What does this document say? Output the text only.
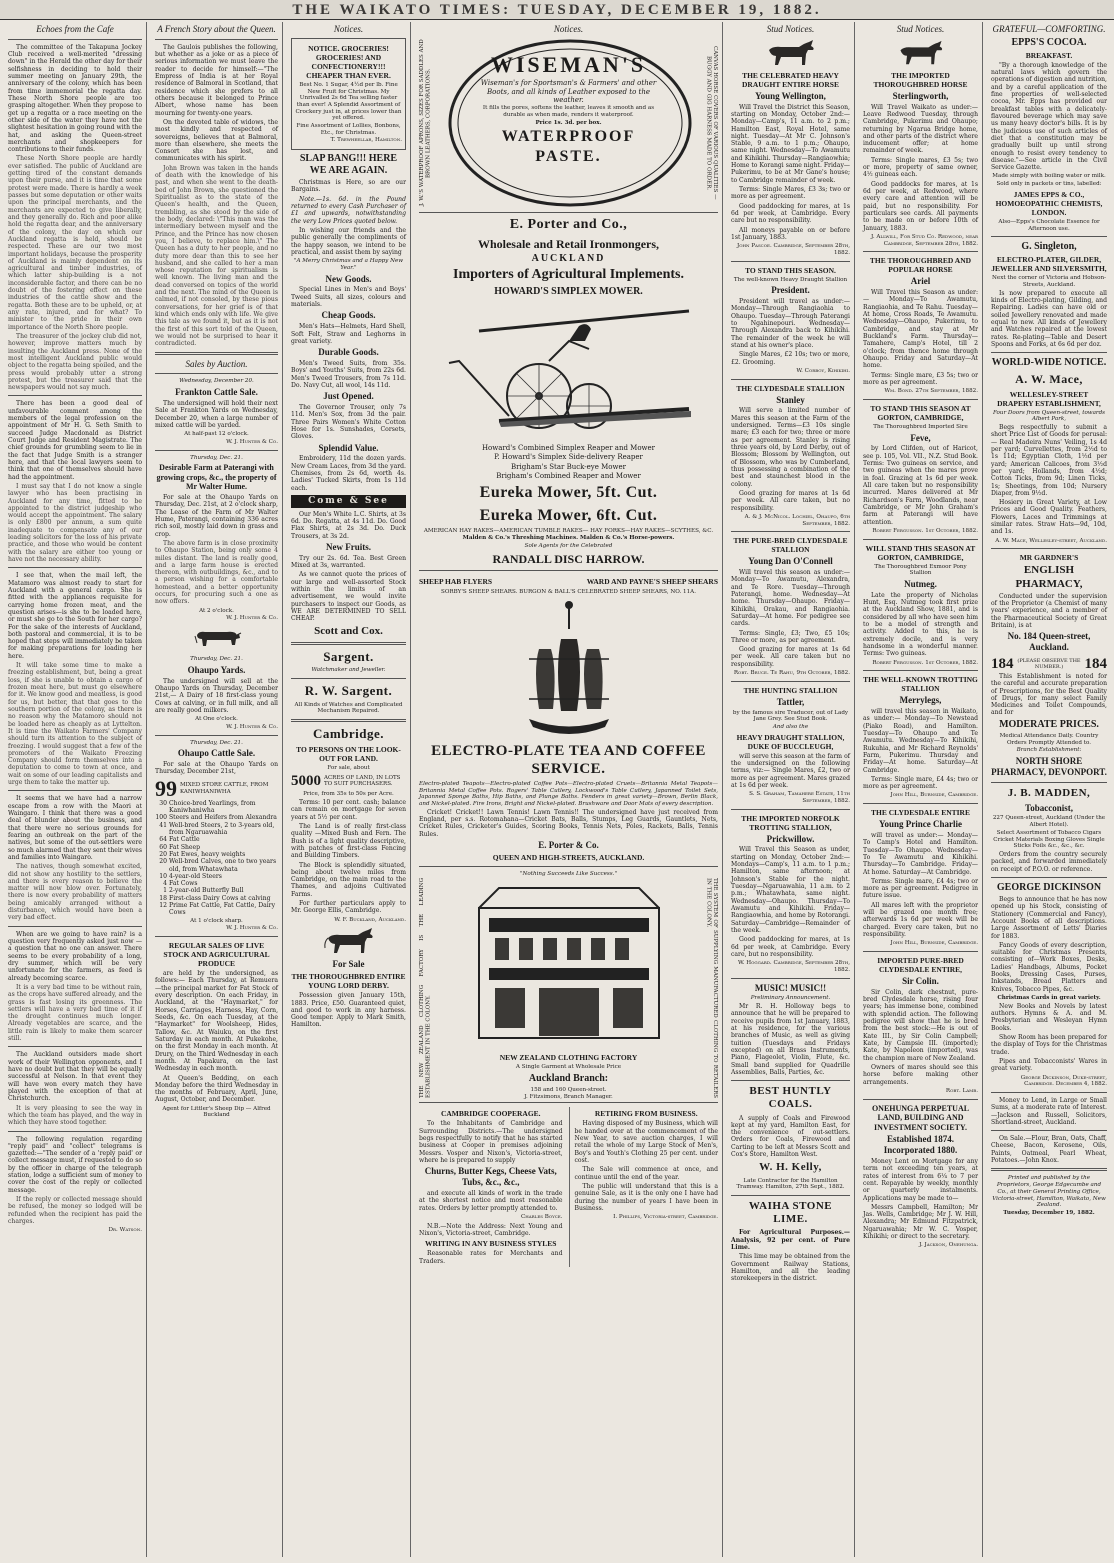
THE WAIKATO TIMES: TUESDAY, DECEMBER 19, 1882.
Echoes from the Cafe

The committee of the Takapuna Jockey Club received a well-merited "dressing down" in the Herald the other day for their selfishness in deciding to hold their summer meeting on January 29th, the anniversary of the colony, which has been from time immemorial the regatta day. These North Shore people are too grasping altogether. When they propose to get up a regatta or a race meeting on the other side of the water they have not the slightest hesitation in going round with the hat, and asking the Queen-street merchants and shopkeepers for contributions to their funds.

These North Shore people are hardly ever satisfied. The public of Auckland are getting tired of the constant demands upon their purse, and it is time that some protest were made. There is hardly a week passes but some deputation or other waits upon the principal merchants, and the merchants are expected to give liberally, and they generally do. Rich and poor alike hold the regatta dear, and the anniversary of the colony, the day on which our Auckland regatta is held, should be respected. These are our two most important holidays, because the prosperity of Auckland is mainly dependent on its agricultural and timber industries, of which latter ship-building is a not inconsiderable factor, and there can be no doubt of the fostering effect on these industries of the cattle show and the regatta. Both these are to be upheld, or, at any rate, injured, and for what? To minister to the pride in their own importance of the North Shore people.

The treasurer of the jockey club did not, however, improve matters much by insulting the Auckland press. None of the most intelligent Auckland public would object to the regatta being spoiled, and the press would probably utter a strong protest, but the treasurer said that the newspapers would not say much.

There has been a good deal of unfavourable comment among the members of the legal profession on the appointment of Mr H. G. Seth Smith to succeed Judge Macdonald as District Court Judge and Resident Magistrate. The chief grounds for grumbling seem to lie in the fact that Judge Smith is a stranger here, and that the local lawyers seem to think that one of themselves should have had the appointment.

I must say that I do not know a single lawyer who has been practising in Auckland for any time, fitted to be appointed to the district judgeship who would accept the appointment. The salary is only £800 per annum, a sum quite inadequate to compensate any of our leading solicitors for the loss of his private practice, and those who would be content with the salary are either too young or have not the necessary ability.

I see that, when the mail left, the Matamoro was almost ready to start for Auckland with a general cargo. She is fitted with the appliances requisite for carrying home frozen meat, and the question arises—is she to be loaded here, or must she go to the South for her cargo? For the sake of the interests of Auckland, both pastoral and commercial, it is to be hoped that steps will immediately be taken for making preparations for loading her here.

It will take some time to make a freezing establishment, but, being a great loss, if she is unable to obtain a cargo of frozen meat here, but must go elsewhere for it. We know good and meatless, is good for us, but better, that that goes to the southern portion of the colony, as there is no reason why the Matamoro should not be loaded here as cheaply as at Lyttelton. It is time the Waikato Farmers' Company should turn its attention to the subject of freezing. I would suggest that a few of the promoters of the Waikato Freezing Company should form themselves into a deputation to come to town at once, and wait on some of our leading capitalists and urge them to take the matter up.

It seems that we have had a narrow escape from a row with the Maori at Waingaro. I think that there was a good deal of blunder about the business, and that there were no serious grounds for fearing an outbreak on the part of the natives, but some of the out-settlers were so much alarmed that they sent their wives and families into Waingaro.

The natives, though somewhat excited, did not show any hostility to the settlers, and there is every reason to believe the matter will now blow over. Fortunately, there is now every probability of matters being amicably arranged without a disturbance, which would have been a very bad effect.

When are we going to have rain? is a question very frequently asked just now —a question that no one can answer. There seems to be every probability of a long, dry summer, which will be very unfortunate for the farmers, as feed is already becoming scarce.

It is a very bad time to be without rain, as the crops have suffered already, and the grass is fast losing its greenness. The settlers will have a very bad time of it if the drought continues much longer. Already vegetables are scarce, and the little rain is likely to make them scarcer still.

The Auckland outsiders made short work of their Wellington opponents, and I have no doubt but that they will be equally successful at Nelson. In that event they will have won every match they have played with the exception of that at Christchurch.

It is very pleasing to see the way in which the team has played, and the way in which they have stood together.

The following regulation regarding "reply paid" and "collect" telegrams is gazetted:—"The sender of a 'reply paid' or collect message must, if requested to do so by the officer in charge of the telegraph station, lodge a sufficient sum of money to cover the cost of the reply or collected message.

If the reply or collected message should be refused, the money so lodged will be refunded when the recipient has paid the charges.

Dr. Watson.
A French Story about the Queen.

The Gaulois publishes the following, but whether as a joke or as a piece of serious information we must leave the reader to decide for himself:—"The Empress of India is at her Royal residence of Balmoral in Scotland, that residence which she prefers to all others because it belonged to Prince Albert, whose name has been mourning for twenty-one years.

On the devoted table of widows, the most kindly and respected of sovereigns, believes that at Balmoral, more than elsewhere, she meets the Consort she has lost, and communicates with his spirit.

John Brown was taken in the hands of death with the knowledge of his past, and when she went to the death-bed of John Brown, she questioned the Spiritualist as to the state of the Queen's health, and the Queen, trembling, as she stood by the side of the body, declared: \"This man was the intermediary between myself and the Prince, and the Prince has now chosen you, I believe, to replace him.\" The Queen has a duty to her people, and no duty more dear than this to see her husband, and she called to her a man whose reputation for spiritualism is well known. The living man and the dead conversed on topics of the world and the next. The mind of the Queen is calmed, if not consoled, by these pious conversations, for her grief is of that kind which ends only with life. We give this tale as we found it, but as it is not the first of this sort told of the Queen, we would not be surprised to hear it contradicted.

Sales by Auction.
Wednesday, December 20.
Frankton Cattle Sale.

The undersigned will hold their next Sale at Frankton Yards on Wednesday, December 20, when a large number of mixed cattle will be yarded.

At half-past 12 o'clock.
W. J. Hunter & Co.
Thursday, Dec. 21.
Desirable Farm at Paterangi with growing crops, &c., the property of Mr Walter Hume.

For sale at the Ohaupo Yards on Thursday, Dec. 21st, at 2 o'clock sharp, The Lease of the Farm of Mr Walter Hume, Paterangi, containing 336 acres rich soil, mostly laid down in grass and crop.

The above farm is in close proximity to Ohaupo Station, being only some 4 miles distant. The land is really good, and a large farm house is erected thereon, with outbuildings, &c., and to a person wishing for a comfortable homestead, and a better opportunity occurs, for procuring such a one as now offers.

At 2 o'clock.
W. J. Hunter & Co.
Thursday, Dec. 21.
Ohaupo Yards.

The undersigned will sell at the Ohaupo Yards on Thursday, December 21st,— A Dairy of 18 first-class young Cows at calving, or in full milk, and all are really good milkers.

At One o'clock.
W. J. Hunter & Co.
Thursday, Dec. 21.
Ohaupo Cattle Sale.

For sale at the Ohaupo Yards on Thursday, December 21st,

99 MIXED STORE CATTLE, FROM KANIWHANIWHA
30 Choice-bred Yearlings, from Kaniwhaniwha
100 Steers and Heifers from Alexandra
41 Well-bred Steers, 2 to 3-years old, from Ngaruawahia
64 Fat Cattle
60 Fat Sheep
20 Fat Ewes, heavy weights
20 Well-bred Calves, one to two years old, from Whatawhata
10 4-year-old Steers
4 Fat Cows
1 2-year-old Butterfly Bull
18 First-class Dairy Cows at calving
12 Prime Fat Cattle, Fat Cattle, Dairy Cows
At 1 o'clock sharp.
W. J. Hunter & Co.
REGULAR SALES OF LIVE STOCK AND AGRICULTURAL PRODUCE

are held by the undersigned, as follows:— Each Thursday, at Remuera—the principal market for Fat Stock of every description. On each Friday, in Auckland, at the "Haymarket," for Horses, Carriages, Harness, Hay, Corn, Seeds, &c. On each Tuesday, at the "Haymarket" for Woolsheep, Hides, Tallow, &c. At Waiuku, on the first Saturday in each month. At Pukekohe, on the first Monday in each month. At Drury, on the Third Wednesday in each month. At Papakura, on the last Wednesday in each month.

At Queen's Bedding, on each Monday before the third Wednesday in the months of February, April, June, August, October, and December.

Agent for Littler's Sheep Dip — Alfred Buckland
Notices.
NOTICE. GROCERIES! GROCERIES! AND CONFECTIONERY!!! CHEAPER THAN EVER.

Best No. 1 Sugar, 4½d per lb. Fine New Fruit for Christmas. My Unrivalled 2s 6d Tea selling faster than ever! A Splendid Assortment of Crockery just in, at prices lower than yet offered.

Fine Assortment of Lollies, Bonbons, Etc., for Christmas.
T. Trewheellar, Hamilton.
SLAP BANG!!! HERE WE ARE AGAIN.

Christmas is Here, so are our Bargains.

Note.—1s. 6d. in the Pound returned to every Cash Purchaser of £1 and upwards, notwithstanding the very Low Prices quoted below.

In wishing our friends and the public generally the compliments of the happy season, we intend to be practical, and assist them by saying

"A Merry Christmas and a Happy New Year."
New Goods.

Special Lines in Men's and Boys' Tweed Suits, all sizes, colours and materials.

Cheap Goods.

Men's Hats—Helmets, Hard Shell, Soft Felt, Straw and Leghorns in great variety.

Durable Goods.

Men's Tweed Suits, from 35s. Boys' and Youths' Suits, from 22s 6d. Men's Tweed Trousers, from 7s 11d. Do. Navy Cut, all wool, 14s 11d.

Just Opened.

The Governor Trouser, only 7s 11d. Men's Sox, from 3d the pair. Three Pairs Women's White Cotton Hose for 1s. Sunshades, Corsets, Gloves.

Splendid Value.

Embroidery, 11d the dozen yards. New Cream Laces, from 3d the yard. Chemises, from 2s 6d, worth 4s. Ladies' Tucked Skirts, from 1s 11d each.

Come & See

Our Men's White L.C. Shirts, at 3s 6d. Do. Regatta, at 4s 11d. Do. Good Flax Shirts, at 2s 3d. Do. Duck Trousers, at 3s 2d.

New Fruits.

Try our 2s. 6d. Tea. Best Green Mixed at 3s, warranted.

As we cannot quote the prices of our large and well-assorted Stock within the limits of an advertisement, we would invite purchasers to inspect our Goods, as WE ARE DETERMINED TO SELL CHEAP.

Scott and Cox.
Sargent.
Watchmaker and Jeweller.
R. W. Sargent.
All Kinds of Watches and Complicated Mechanism Repaired.
Cambridge.
TO PERSONS ON THE LOOK-OUT FOR LAND.
For sale, about
5000 ACRES OF LAND, IN LOTS TO SUIT PURCHASERS.
Price, from 35s to 50s per Acre.

Terms: 10 per cent. cash; balance can remain on mortgage for seven years at 5½ per cent.

The Land is of really first-class quality —Mixed Bush and Fern. The Bush is of a light quality descriptive, with patches of first-class Fencing and Building Timbers.

The Block is splendidly situated, being about twelve miles from Cambridge, on the main road to the Thames, and adjoins Cultivated Farms.

For further particulars apply to Mr. George Ellis, Cambridge.

W. F. Buckland, Auckland.
For Sale
THE THOROUGHBRED ENTIRE YOUNG LORD DERBY.

Possession given January 15th, 1883. Price, £50. Guaranteed quiet, and good to work in any harness. Good temper. Apply to Mark Smith, Hamilton.

Notices.
J. W.'S WATERPROOF APRONS, SIZES FOR SADDLES AND BROWN LEATHERS, CORPORATIONS.
WISEMAN'S
Wiseman's for Sportsman's & Farmers' and other Boots, and all kinds of Leather exposed to the weather.
It fills the pores, softens the leather, leaves it smooth and as durable as when made, renders it waterproof.
Price 1s. 3d. per box.
WATERPROOF PASTE.	CANVAS HORSE COVERS OF VARIOUS QUALITIES — BUGGY AND GIG HARNESS MADE TO ORDER.
E. Porter and Co.,
Wholesale and Retail Ironmongers,
AUCKLAND
Importers of Agricultural Implements.
HOWARD'S SIMPLEX MOWER.
Howard's Combined Simplex Reaper and Mower
P. Howard's Simplex Side-delivery Reaper
Brigham's Star Buck-eye Mower
Brigham's Combined Reaper and Mower
Eureka Mower, 5ft. Cut.
Eureka Mower, 6ft. Cut.
AMERICAN HAY RAKES—AMERICAN TUMBLE RAKES— HAY FORKS—HAY RAKES—SCYTHES, &C.
Malden & Co.'s Threshing Machines. Malden & Co.'s Horse-powers.
Sole Agents for the Celebrated
RANDALL DISC HARROW.
SHEEP HAB FLYERS	WARD AND PAYNE'S SHEEP SHEARS
SORBY'S SHEEP SHEARS. BURGON & BALL'S CELEBRATED SHEEP SHEARS, NO. 11A.
ELECTRO-PLATE TEA AND COFFEE SERVICE.

Electro-plated Teapots—Electro-plated Coffee Pots—Electro-plated Cruets—Britannia Metal Teapots—Britannia Metal Coffee Pots. Rogers' Table Cutlery, Lockwood's Table Cutlery, Japanned Toilet Sets, Japanned Sponge Baths, Hip Baths, and Plunge Baths. Fenders in great variety—Brown, Berlin Black, and Nickel-plated. Fire Irons, Bright and Nickel-plated. Brushware and Door Mats of every description.

Cricket! Cricket!! Lawn Tennis! Lawn Tennis!! The undersigned have just received from England, per s.s. Rotomahana—Cricket Bats, Balls, Stumps, Leg Guards, Gauntlets, Nets, Cricket Rules, Cricketer's Guides, Scoring Books, Tennis Nets, Poles, Rackets, Balls, Tennis Rules.

E. Porter & Co.
QUEEN AND HIGH-STREETS, AUCKLAND.
"Nothing Succeeds Like Success."
THE NEW ZEALAND CLOTHING FACTORY IS THE LEADING ESTABLISHMENT IN THE COLONY.	NEW ZEALAND CLOTHING FACTORY
A Single Garment at Wholesale Price
Auckland Branch:
158 and 160 Queen-street.
J. Fitzsimons, Branch Manager.	THE SYSTEM OF SUPPLYING MANUFACTURED CLOTHING TO RETAILERS IN THE COLONY.
CAMBRIDGE COOPERAGE.

To the Inhabitants of Cambridge and Surrounding Districts.—The undersigned begs respectfully to notify that he has started business at Cooper in premises adjoining Messrs. Vosper and Nixon's, Victoria-street, where he is prepared to supply

Churns, Butter Kegs, Cheese Vats, Tubs, &c., &c.,

and execute all kinds of work in the trade at the shortest notice and most reasonable rates. Orders by letter promptly attended to.

Charles Boyce.

N.B.—Note the Address: Next Young and Nixon's, Victoria-street, Cambridge.

WRITING IN ANY BUSINESS STYLES

Reasonable rates for Merchants and Traders.

RETIRING FROM BUSINESS.

Having disposed of my Business, which will be handed over at the commencement of the New Year, to save auction charges, I will retail the whole of my Large Stock of Men's, Boy's and Youth's Clothing 25 per cent. under cost.

The Sale will commence at once, and continue until the end of the year.

The public will understand that this is a genuine Sale, as it is the only one I have had during the number of years I have been in Business.

I. Phillips, Victoria-street, Cambridge.
Stud Notices.
THE CELEBRATED HEAVY DRAUGHT ENTIRE HORSE
Young Wellington,

Will Travel the District this Season, starting on Monday, October 2nd:— Monday—Camp's, 11 a.m. to 2 p.m.; Hamilton East, Royal Hotel, same night. Tuesday—At Mr C. Johnson's Stable, 9 a.m. to 1 p.m.; Ohaupo, same night. Wednesday—To Awamutu and Kihikihi. Thursday—Rangiaowhia; Home to Korangi same night. Friday—Pukerimu, to be at Mr Gane's house; to Cambridge remainder of week.

Terms: Single Mares, £3 3s; two or more as per agreement.

Good paddocking for mares, at 1s 6d per week, at Cambridge. Every care but no responsibility.

All moneys payable on or before 1st January, 1883.

John Pascoe. Cambridge, September 28th, 1882.
TO STAND THIS SEASON.
The well-known Heavy Draught Stallion
President.

President will travel as under:— Monday—Through Rangiaohia to Ohaupo. Tuesday—Through Paterangi to Ngahinepouri. Wednesday—Through Alexandra back to Kihikihi. The remainder of the week he will stand at his owner's place.

Single Mares, £2 10s; two or more, £2. Grooming.

W. Corboy, Kihikihi.
THE CLYDESDALE STALLION
Stanley

Will serve a limited number of Mares this season at the Farm of the undersigned. Terms—£3 10s single mare; £3 each for two; three or more as per agreement. Stanley is rising three years old, by Lord Derby, out of Blossom; Blossom by Wellington, out of Blossom, who was by Cumberland, thus possessing a combination of the best and staunchest blood in the colony.

Good grazing for mares at 1s 6d per week. All care taken, but no responsibility.

A. & J. McNicol. Lochiel, Ohaupo, 6th September, 1882.
THE PURE-BRED CLYDESDALE STALLION
Young Dan O'Connell

Will travel this season as under:— Monday—To Awamutu, Alexandra, and Te Rore. Tuesday—Through Paterangi, home. Wednesday—At home. Thursday—Ohaupo. Friday—Kihikihi, Orakau, and Rangiaohia. Saturday—At home. For pedigree see cards.

Terms: Single, £3; Two, £5 10s; Three or more, as per agreement.

Good grazing for mares at 1s 6d per week. All care taken but no responsibility.

Robt. Bruce. Te Rahu, 9th October, 1882.
THE HUNTING STALLION
Tattler,
by the famous sire Traducer, out of Lady Jane Grey. See Stud Book.
And also the
HEAVY DRAUGHT STALLION, DUKE OF BUCCLEUGH,

will serve this season at the farm of the undersigned on the following terms, viz:— Single Mares, £2, two or more as per agreement. Mares grazed at 1s 6d per week.

S. S. Graham, Tamahere Estate, 11th September, 1882.
THE IMPORTED NORFOLK TROTTING STALLION,
Prickwillow.

Will Travel this Season as under, starting on Monday, October 2nd:— Mondays—Camp's, 11 a.m. to 1 p.m.; Hamilton, same afternoon; at Johnson's Stable for the night. Tuesday—Ngaruawahia, 11 a.m. to 2 p.m.; Whatawhata, same night. Wednesday—Ohaupo. Thursday—To Awamutu and Kihikihi. Friday—Rangiaowhia, and home by Rotorangi. Saturday—Cambridge—Remainder of the week.

Good paddocking for mares, at 1s 6d per week, at Cambridge. Every care, but no responsibility.

W. Hoggard. Cambridge, September 28th, 1882.
MUSIC! MUSIC!!
Preliminary Announcement.

Mr R. H. Holloway begs to announce that he will be prepared to receive pupils from 1st January, 1883, at his residence, for the various branches of Music, as well as giving tuition (Tuesdays and Fridays excepted) on all Brass Instruments, Piano, Flageolet, Violin, Flute, &c. Small band supplied for Quadrille Assemblies, Balls, Parties, &c.

BEST HUNTLY COALS.

A supply of Coals and Firewood kept at my yard, Hamilton East, for the convenience of out-settlers. Orders for Coals, Firewood and Carting to be left at Messrs Scott and Cox's Store, Hamilton West.

W. H. Kelly,
Late Contractor for the Hamilton Tramway. Hamilton, 27th Sept., 1882.
WAIHA STONE LIME.

For Agricultural Purposes.—Analysis, 92 per cent. of Pure Lime.

This lime may be obtained from the Government Railway Stations, Hamilton, and all the leading storekeepers in the district.

Stud Notices.
THE IMPORTED THOROUGHBRED HORSE
Sterlingworth,

Will Travel Waikato as under:— Leave Redwood Tuesday, through Cambridge, Pukerimu and Ohaupo; returning by Ngarua Bridge home, and other parts of the district where inducement offer; at home remainder of week.

Terms: Single mares, £3 5s; two or more, property of same owner, 4½ guineas each.

Good paddocks for mares, at 1s 6d per week, at Redwood, where every care and attention will be paid, but no responsibility. For particulars see cards. All payments to be made on or before 10th of January, 1883.

J. Allwill, For Stud Co. Redwood, near Cambridge, September 28th, 1882.
THE THOROUGHBRED AND POPULAR HORSE
Ariel

Will Travel this Season as under:— Monday—To Awamutu, Rangiaohia, and Te Rahu. Tuesday—At home, Cross Roads, Te Awamutu. Wednesday—Ohaupo, Pukerimu, to Cambridge, and stay at Mr Buckland's Farm. Thursday—Tamahere, Camp's Hotel, till 2 o'clock; from thence home through Ohaupo. Friday and Saturday—At home.

Terms: Single mare, £3 5s; two or more as per agreement.

Wm. Bond. 27th September, 1882.
TO STAND THIS SEASON AT GORTON, CAMBRIDGE,
The Thoroughbred Imported Sire
Feve,

by Lord Clifden, out of Haricot, see p. 105, Vol. VII., N.Z. Stud Book. Terms: Two guineas on service, and two guineas when the mares prove in foal. Grazing at 1s 6d per week. All care taken but no responsibility incurred. Mares delivered at Mr Richardson's Farm, Woodlands, near Cambridge, or Mr John Graham's farm at Paterangi will have attention.

Robert Fergusson. 1st October, 1882.
WILL STAND THIS SEASON AT GORTON, CAMBRIDGE,
The Thoroughbred Exmoor Pony Stallion
Nutmeg.

Late the property of Nicholas Hunt, Esq. Nutmeg took first prize at the Auckland Show, 1881, and is considered by all who have seen him to be a model of strength and activity. Added to this, he is extremely docile, and is very handsome in a wonderful manner. Terms: Two guineas.

Robert Fergusson. 1st October, 1882.
THE WELL-KNOWN TROTTING STALLION
Merrylegs,

will travel this season in Waikato, as under:— Monday—To Newstead (Piako Road), and Hamilton. Tuesday—To Ohaupo and Te Awamutu. Wednesday—To Kihikihi, Rukuhia, and Mr Richard Reynolds' Farm, Pukerimu. Thursday and Friday—At home. Saturday—At Cambridge.

Terms: Single mare, £4 4s; two or more as per agreement.

John Hill, Burnside, Cambridge.
THE CLYDESDALE ENTIRE
Young Prince Charlie

will travel as under:— Monday—To Camp's Hotel and Hamilton. Tuesday—To Ohaupo. Wednesday—To Te Awamutu and Kihikihi. Thursday—To Cambridge. Friday—At home. Saturday—At Cambridge.

Terms: Single mare, £4 4s; two or more as per agreement. Pedigree in future issue.

All mares left with the proprietor will be grazed one month free; afterwards 1s 6d per week will be charged. Every care taken, but no responsibility.

John Hill, Burnside, Cambridge.
IMPORTED PURE-BRED CLYDESDALE ENTIRE,
Sir Colin.

Sir Colin, dark chestnut, pure-bred Clydesdale horse, rising four years; has immense bone, combined with splendid action. The following pedigree will show that he is bred from the best stock:—He is out of Kate III., by Sir Colin Campbell; Kate, by Campsie III. (imported); Kate, by Napoleon (imported), was the champion mare of New Zealand.

Owners of mares should see this horse before making other arrangements.

Robt. Lamb.
ONEHUNGA PERPETUAL LAND, BUILDING AND INVESTMENT SOCIETY.
Established 1874. Incorporated 1880.

Money Lent on Mortgage for any term not exceeding ten years, at rates of interest from 6¼ to 7 per cent. Repayable by weekly, monthly or quarterly instalments. Applications may be made to—

Messrs Campbell, Hamilton; Mr Jas. Wells, Cambridge; Mr J. W. Hill, Alexandra; Mr Edmund Fitzpatrick, Ngaruawahia; Mr W. C. Vosper, Kihikihi; or direct to the secretary.

J. Jackson, Onehunga.
GRATEFUL—COMFORTING.
EPPS'S COCOA.
BREAKFAST.

"By a thorough knowledge of the natural laws which govern the operations of digestion and nutrition, and by a careful application of the fine properties of well-selected cocoa, Mr. Epps has provided our breakfast tables with a delicately-flavoured beverage which may save us many heavy doctor's bills. It is by the judicious use of such articles of diet that a constitution may be gradually built up until strong enough to resist every tendency to disease."—See article in the Civil Service Gazette.

Made simply with boiling water or milk.
Sold only in packets or tins, labelled:
JAMES EPPS & CO., HOMOEOPATHIC CHEMISTS, LONDON.
Also—Epps's Chocolate Essence for Afternoon use.
G. Singleton,
ELECTRO-PLATER, GILDER, JEWELLER AND SILVERSMITH,
Next the corner of Victoria and Hobson-Streets, Auckland.

Is now prepared to execute all kinds of Electro-plating, Gilding, and Repairing. Ladies can have old or soiled Jewellery renovated and made equal to new. All kinds of Jewellery and Watches repaired at the lowest rates. Re-plating—Table and Desert Spoons and Forks, at 6s 6d per doz.

WORLD-WIDE NOTICE.
A. W. Mace,
WELLESLEY-STREET DRAPERY ESTABLISHMENT,
Four Doors from Queen-street, towards Albert Park,

Begs respectfully to submit a short Price List of Goods for perusal:— Real Madeira Nuns' Veiling, 1s 4d per yard; Curvellettes, from 2½d to 1s 11d; Egyptian Cloth, 1½d per yard; American Calicoes, from 3½d per yard; Hollands, from 4½d; Cotton Ticks, from 9d; Linen Ticks, 1s; Sheetings, from 10d; Nursery Diaper, from 9½d.

Hosiery in Great Variety, at Low Prices and Good Quality. Feathers, Flowers, Laces and Trimmings at similar rates. Straw Hats—9d, 10d, and 1s.

A. W. Mace, Wellesley-street, Auckland.
MR GARDNER'S
ENGLISH PHARMACY,

Conducted under the supervision of the Proprietor (a Chemist of many years' experience, and a member of the Pharmaceutical Society of Great Britain), is at

No. 184 Queen-street, Auckland.
184 (PLEASE OBSERVE THE NUMBER.)	184

This Establishment is noted for the careful and accurate preparation of Prescriptions, for the Best Quality of Drugs, for many select Family Medicines and Toilet Compounds, and for

MODERATE PRICES.
Medical Attendance Daily. Country Orders Promptly Attended to.
Branch Establishment:
NORTH SHORE PHARMACY, DEVONPORT.
J. B. MADDEN,
Tobacconist,
227 Queen-street, Auckland (Under the Albert Hotel).

Select Assortment of Tobacco Cigars Cricket Materials Boxing Gloves Single Sticks Foils &c., &c., &c.

Orders from the country securely packed, and forwarded immediately on receipt of P.O.O. or reference.

GEORGE DICKINSON

Begs to announce that he has now opened up his Stock, consisting of Stationery (Commercial and Fancy), Account Books of all descriptions. Large Assortment of Letts' Diaries for 1883.

Fancy Goods of every description, suitable for Christmas Presents, consisting of—Work Boxes, Desks, Ladies' Handbags, Albums, Pocket Books, Dressing Cases, Purses, Inkstands, Bread Platters and Knives, Tobacco Pipes, &c.

Christmas Cards in great variety.

New Books and Novels by latest authors. Hymns & A. and M. Presbyterian and Wesleyan Hymn Books.

Show Room has been prepared for the display of Toys for the Christmas trade.

Pipes and Tobacconists' Wares in great variety.

George Dickinson, Duke-street, Cambridge. December 4, 1882.

Money to Lend, in Large or Small Sums, at a moderate rate of Interest.—Jackson and Russell, Solicitors, Shortland-street, Auckland.

On Sale.—Flour, Bran, Oats, Chaff, Cheese, Bacon, Kerosene, Oils, Paints, Oatmeal, Pearl Wheat, Potatoes.—John Knox.

Printed and published by the Proprietors, George Edgecumbe and Co., at their General Printing Office, Victoria-street, Hamilton, Waikato, New Zealand.

Tuesday, December 19, 1882.
